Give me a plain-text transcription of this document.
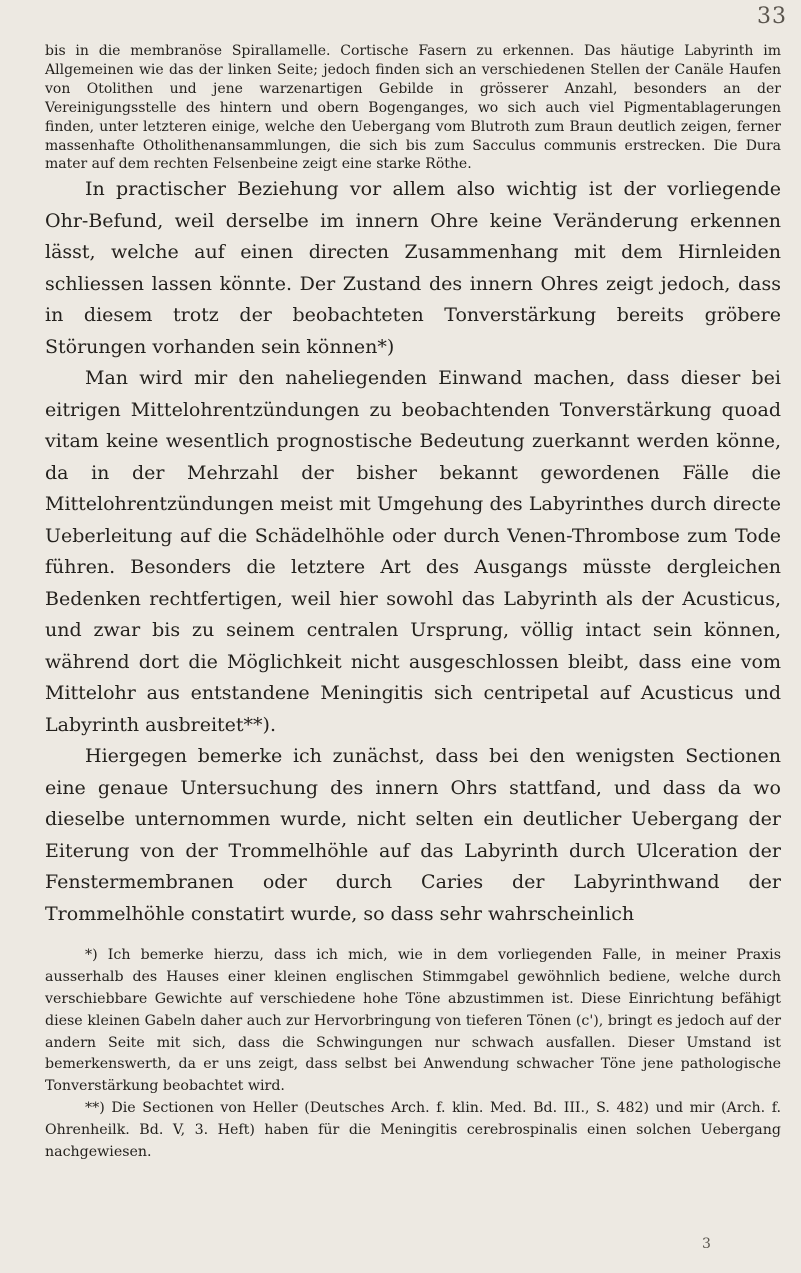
33

bis in die membranöse Spirallamelle. Cortische Fasern zu erkennen. Das häutige Labyrinth im Allgemeinen wie das der linken Seite; jedoch finden sich an verschiedenen Stellen der Canäle Haufen von Otolithen und jene warzenartigen Gebilde in grösserer Anzahl, besonders an der Vereinigungsstelle des hintern und obern Bogenganges, wo sich auch viel Pigmentablagerungen finden, unter letzteren einige, welche den Uebergang vom Blutroth zum Braun deutlich zeigen, ferner massenhafte Otholithenansammlungen, die sich bis zum Sacculus communis erstrecken. Die Dura mater auf dem rechten Felsenbeine zeigt eine starke Röthe.

In practischer Beziehung vor allem also wichtig ist der vorliegende Ohr-Befund, weil derselbe im innern Ohre keine Veränderung erkennen lässt, welche auf einen directen Zusammenhang mit dem Hirnleiden schliessen lassen könnte. Der Zustand des innern Ohres zeigt jedoch, dass in diesem trotz der beobachteten Tonverstärkung bereits gröbere Störungen vorhanden sein können*)

Man wird mir den naheliegenden Einwand machen, dass dieser bei eitrigen Mittelohrentzündungen zu beobachtenden Tonverstärkung quoad vitam keine wesentlich prognostische Bedeutung zuerkannt werden könne, da in der Mehrzahl der bisher bekannt gewordenen Fälle die Mittelohrentzündungen meist mit Umgehung des Labyrinthes durch directe Ueberleitung auf die Schädelhöhle oder durch Venen-Thrombose zum Tode führen. Besonders die letztere Art des Ausgangs müsste dergleichen Bedenken rechtfertigen, weil hier sowohl das Labyrinth als der Acusticus, und zwar bis zu seinem centralen Ursprung, völlig intact sein können, während dort die Möglichkeit nicht ausgeschlossen bleibt, dass eine vom Mittelohr aus entstandene Meningitis sich centripetal auf Acusticus und Labyrinth ausbreitet**).

Hiergegen bemerke ich zunächst, dass bei den wenigsten Sectionen eine genaue Untersuchung des innern Ohrs stattfand, und dass da wo dieselbe unternommen wurde, nicht selten ein deutlicher Uebergang der Eiterung von der Trommelhöhle auf das Labyrinth durch Ulceration der Fenstermembranen oder durch Caries der Labyrinthwand der Trommelhöhle constatirt wurde, so dass sehr wahrscheinlich

*) Ich bemerke hierzu, dass ich mich, wie in dem vorliegenden Falle, in meiner Praxis ausserhalb des Hauses einer kleinen englischen Stimmgabel gewöhnlich bediene, welche durch verschiebbare Gewichte auf verschiedene hohe Töne abzustimmen ist. Diese Einrichtung befähigt diese kleinen Gabeln daher auch zur Hervorbringung von tieferen Tönen (c'), bringt es jedoch auf der andern Seite mit sich, dass die Schwingungen nur schwach ausfallen. Dieser Umstand ist bemerkenswerth, da er uns zeigt, dass selbst bei Anwendung schwacher Töne jene pathologische Tonverstärkung beobachtet wird.

**) Die Sectionen von Heller (Deutsches Arch. f. klin. Med. Bd. III., S. 482) und mir (Arch. f. Ohrenheilk. Bd. V, 3. Heft) haben für die Meningitis cerebrospinalis einen solchen Uebergang nachgewiesen.

3
